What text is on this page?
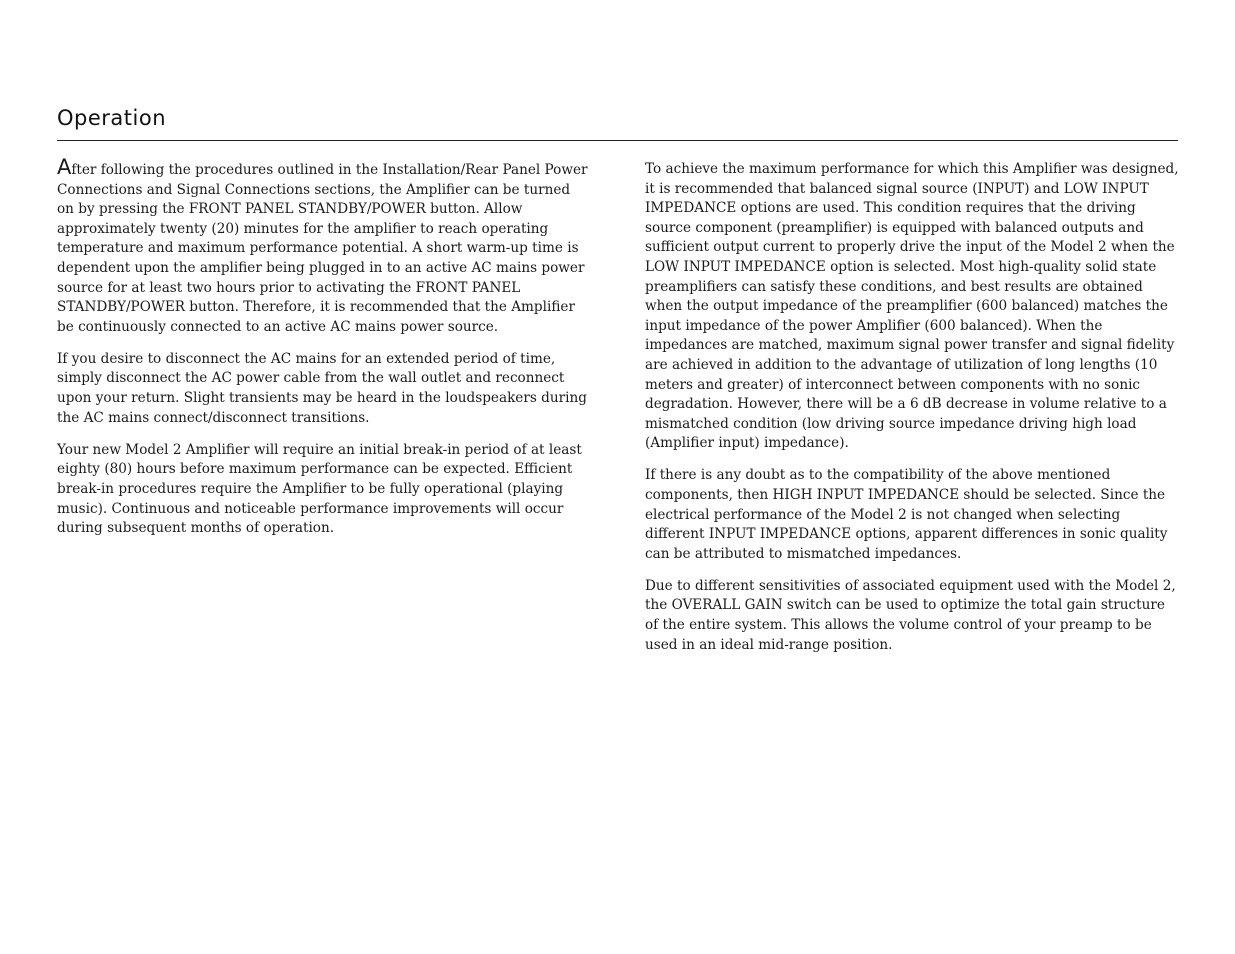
Operation

After following the procedures outlined in the Installation/Rear Panel Power Connections and Signal Connections sections, the Amplifier can be turned on by pressing the FRONT PANEL STANDBY/POWER button. Allow approximately twenty (20) minutes for the amplifier to reach operating temperature and maximum performance potential. A short warm-up time is dependent upon the amplifier being plugged in to an active AC mains power source for at least two hours prior to activating the FRONT PANEL STANDBY/POWER button. Therefore, it is recommended that the Amplifier be continuously connected to an active AC mains power source.

If you desire to disconnect the AC mains for an extended period of time, simply disconnect the AC power cable from the wall outlet and reconnect upon your return. Slight transients may be heard in the loudspeakers during the AC mains connect/disconnect transitions.

Your new Model 2 Amplifier will require an initial break-in period of at least eighty (80) hours before maximum performance can be expected. Efficient break-in procedures require the Amplifier to be fully operational (playing music). Continuous and noticeable performance improvements will occur during subsequent months of operation.

To achieve the maximum performance for which this Amplifier was designed, it is recommended that balanced signal source (INPUT) and LOW INPUT IMPEDANCE options are used. This condition requires that the driving source component (preamplifier) is equipped with balanced outputs and sufficient output current to properly drive the input of the Model 2 when the LOW INPUT IMPEDANCE option is selected. Most high-quality solid state preamplifiers can satisfy these conditions, and best results are obtained when the output impedance of the preamplifier (600 balanced) matches the input impedance of the power Amplifier (600 balanced). When the impedances are matched, maximum signal power transfer and signal fidelity are achieved in addition to the advantage of utilization of long lengths (10 meters and greater) of interconnect between components with no sonic degradation. However, there will be a 6 dB decrease in volume relative to a mismatched condition (low driving source impedance driving high load (Amplifier input) impedance).

If there is any doubt as to the compatibility of the above mentioned components, then HIGH INPUT IMPEDANCE should be selected. Since the electrical performance of the Model 2 is not changed when selecting different INPUT IMPEDANCE options, apparent differences in sonic quality can be attributed to mismatched impedances.

Due to different sensitivities of associated equipment used with the Model 2, the OVERALL GAIN switch can be used to optimize the total gain structure of the entire system. This allows the volume control of your preamp to be used in an ideal mid-range position.
